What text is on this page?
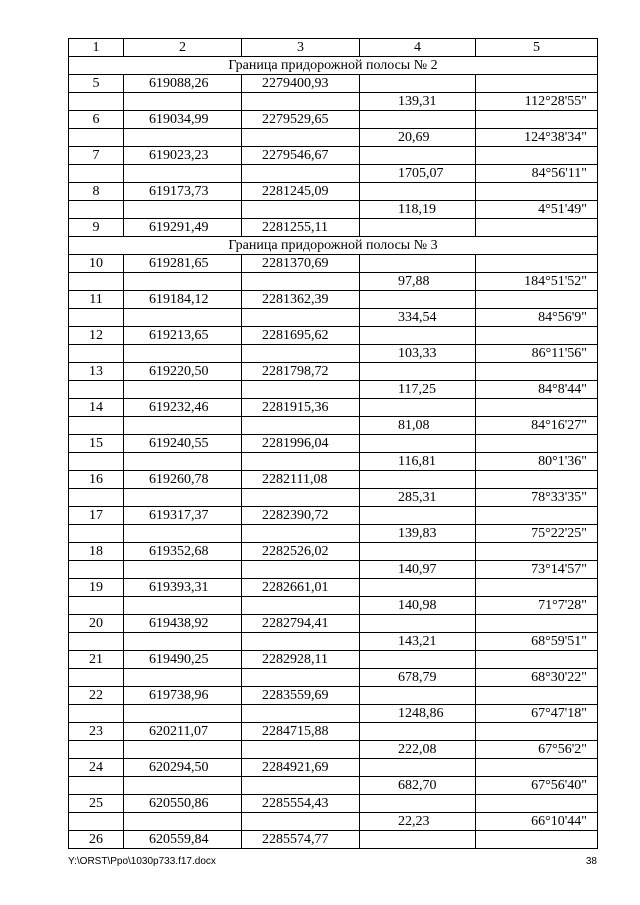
1	2	3	4	5
Граница придорожной полосы № 2				
5	619088,26	2279400,93		
			139,31	112°28'55"
6	619034,99	2279529,65		
			20,69	124°38'34"
7	619023,23	2279546,67		
			1705,07	84°56'11"
8	619173,73	2281245,09		
			118,19	4°51'49"
9	619291,49	2281255,11		
Граница придорожной полосы № 3				
10	619281,65	2281370,69		
			97,88	184°51'52"
11	619184,12	2281362,39		
			334,54	84°56'9"
12	619213,65	2281695,62		
			103,33	86°11'56"
13	619220,50	2281798,72		
			117,25	84°8'44"
14	619232,46	2281915,36		
			81,08	84°16'27"
15	619240,55	2281996,04		
			116,81	80°1'36"
16	619260,78	2282111,08		
			285,31	78°33'35"
17	619317,37	2282390,72		
			139,83	75°22'25"
18	619352,68	2282526,02		
			140,97	73°14'57"
19	619393,31	2282661,01		
			140,98	71°7'28"
20	619438,92	2282794,41		
			143,21	68°59'51"
21	619490,25	2282928,11		
			678,79	68°30'22"
22	619738,96	2283559,69		
			1248,86	67°47'18"
23	620211,07	2284715,88		
			222,08	67°56'2"
24	620294,50	2284921,69		
			682,70	67°56'40"
25	620550,86	2285554,43		
			22,23	66°10'44"
26	620559,84	2285574,77		
Y:\ORST\Ppo\1030p733.f17.docx	38
